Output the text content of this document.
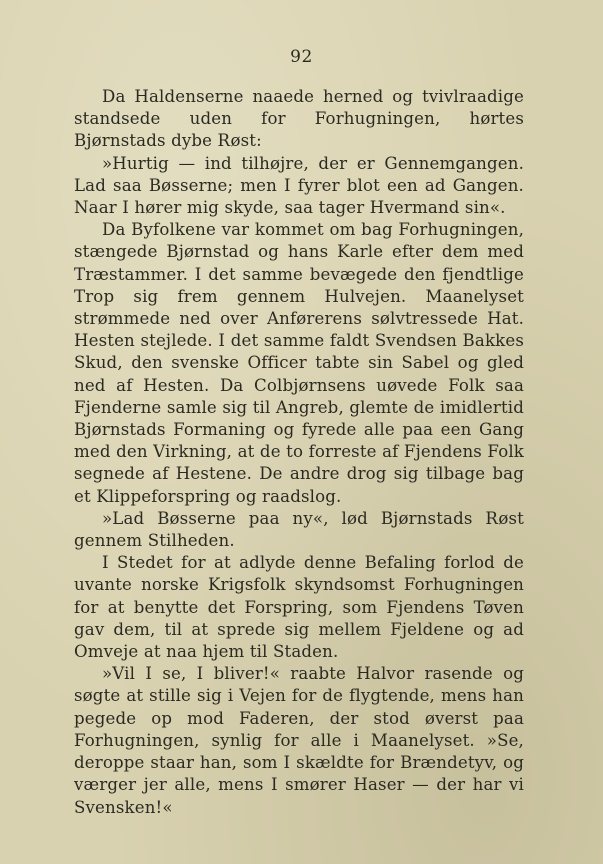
92

Da Haldenserne naaede herned og tvivlraadige standsede uden for Forhugningen, hørtes Bjørnstads dybe Røst:

»Hurtig — ind tilhøjre, der er Gennemgangen. Lad saa Bøsserne; men I fyrer blot een ad Gangen. Naar I hører mig skyde, saa tager Hvermand sin«.

Da Byfolkene var kommet om bag Forhugningen, stængede Bjørnstad og hans Karle efter dem med Træstammer. I det samme bevægede den fjendtlige Trop sig frem gennem Hulvejen. Maanelyset strømmede ned over Anførerens sølvtressede Hat. Hesten stejlede. I det samme faldt Svendsen Bakkes Skud, den svenske Officer tabte sin Sabel og gled ned af Hesten. Da Colbjørnsens uøvede Folk saa Fjenderne samle sig til Angreb, glemte de imidlertid Bjørnstads Formaning og fyrede alle paa een Gang med den Virkning, at de to forreste af Fjendens Folk segnede af Hestene. De andre drog sig tilbage bag et Klippeforspring og raadslog.

»Lad Bøsserne paa ny«, lød Bjørnstads Røst gennem Stilheden.

I Stedet for at adlyde denne Befaling forlod de uvante norske Krigsfolk skyndsomst Forhugningen for at benytte det Forspring, som Fjendens Tøven gav dem, til at sprede sig mellem Fjeldene og ad Omveje at naa hjem til Staden.

»Vil I se, I bliver!« raabte Halvor rasende og søgte at stille sig i Vejen for de flygtende, mens han pegede op mod Faderen, der stod øverst paa Forhugningen, synlig for alle i Maanelyset. »Se, deroppe staar han, som I skældte for Brændetyv, og værger jer alle, mens I smører Haser — der har vi Svensken!«
